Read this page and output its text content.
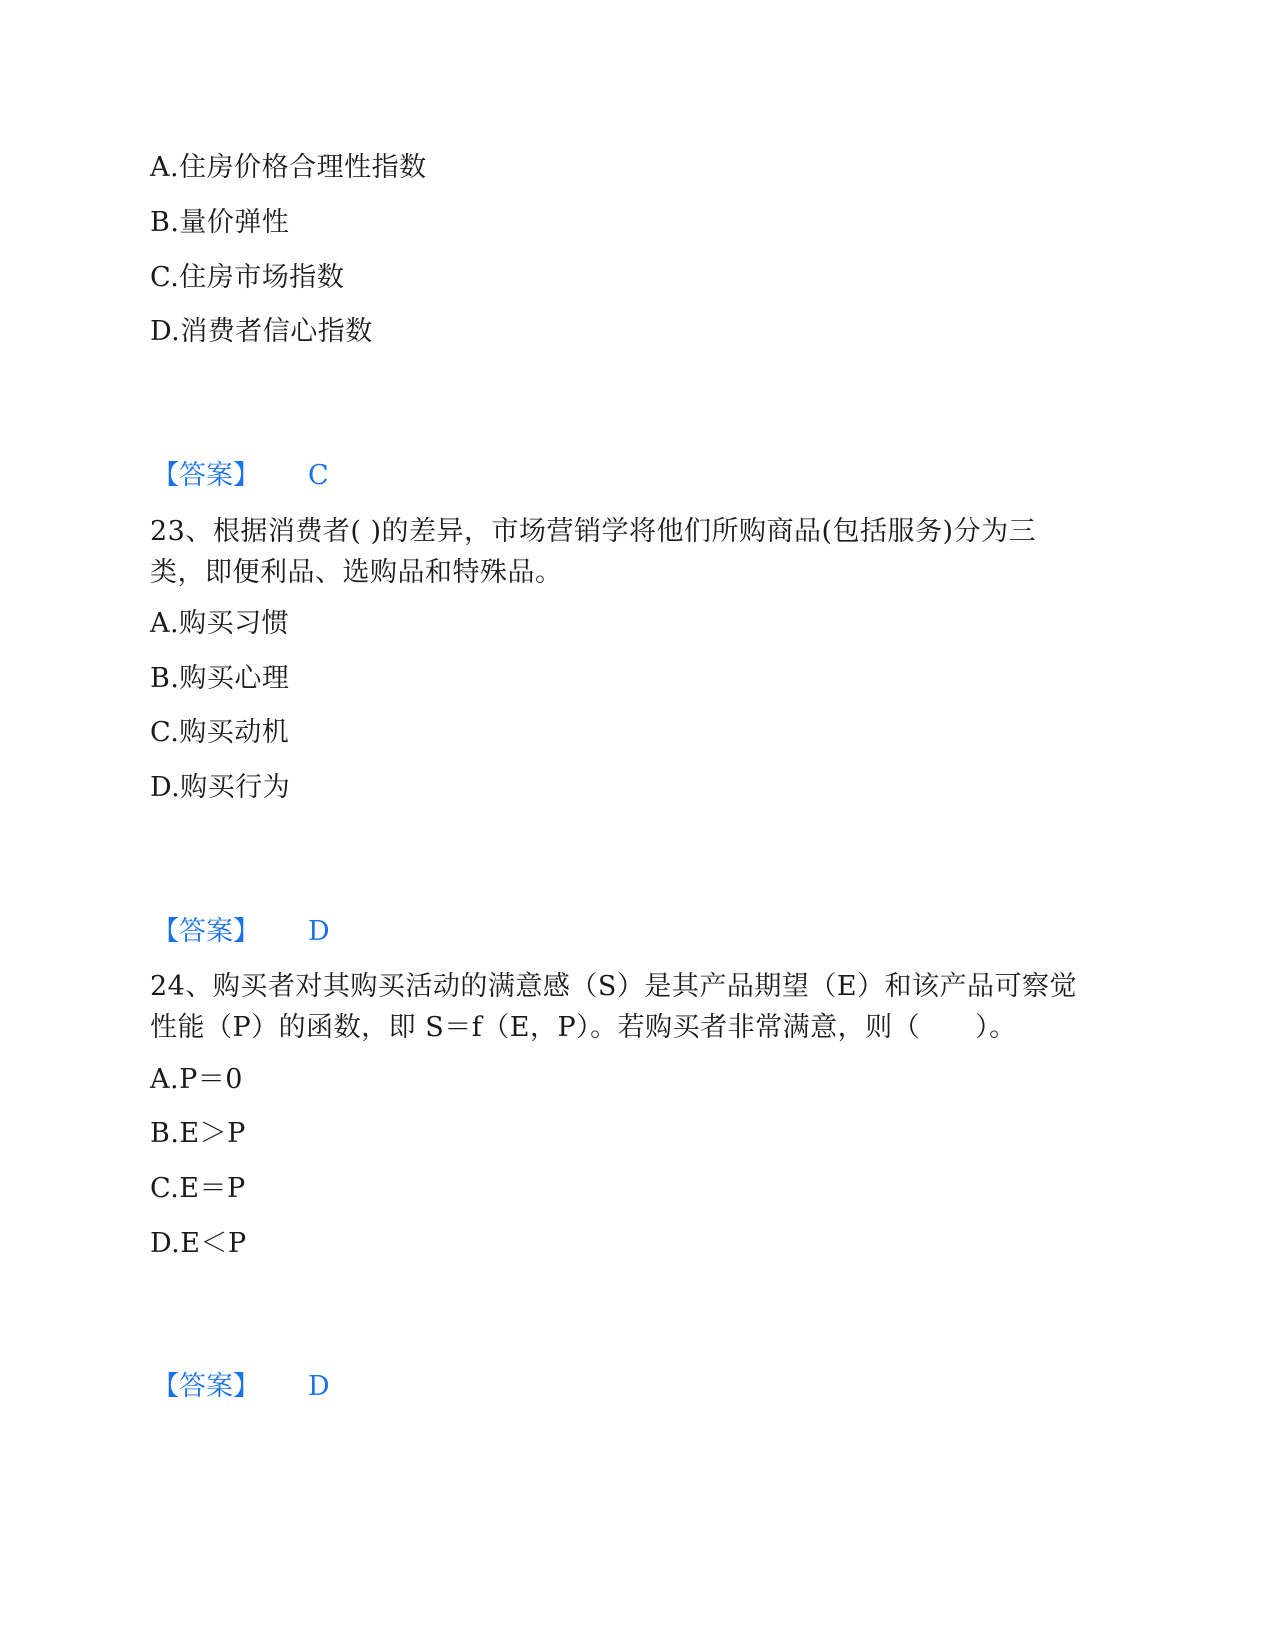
A.住房价格合理性指数
B.量价弹性
C.住房市场指数
D.消费者信心指数
【答案】 C
23、根据消费者( )的差异，市场营销学将他们所购商品(包括服务)分为三
类，即便利品、选购品和特殊品。
A.购买习惯
B.购买心理
C.购买动机
D.购买行为
【答案】 D
24、购买者对其购买活动的满意感（S）是其产品期望（E）和该产品可察觉
性能（P）的函数，即 S＝f（E，P）。若购买者非常满意，则（　　）。
A.P＝0
B.E＞P
C.E＝P
D.E＜P
【答案】 D
